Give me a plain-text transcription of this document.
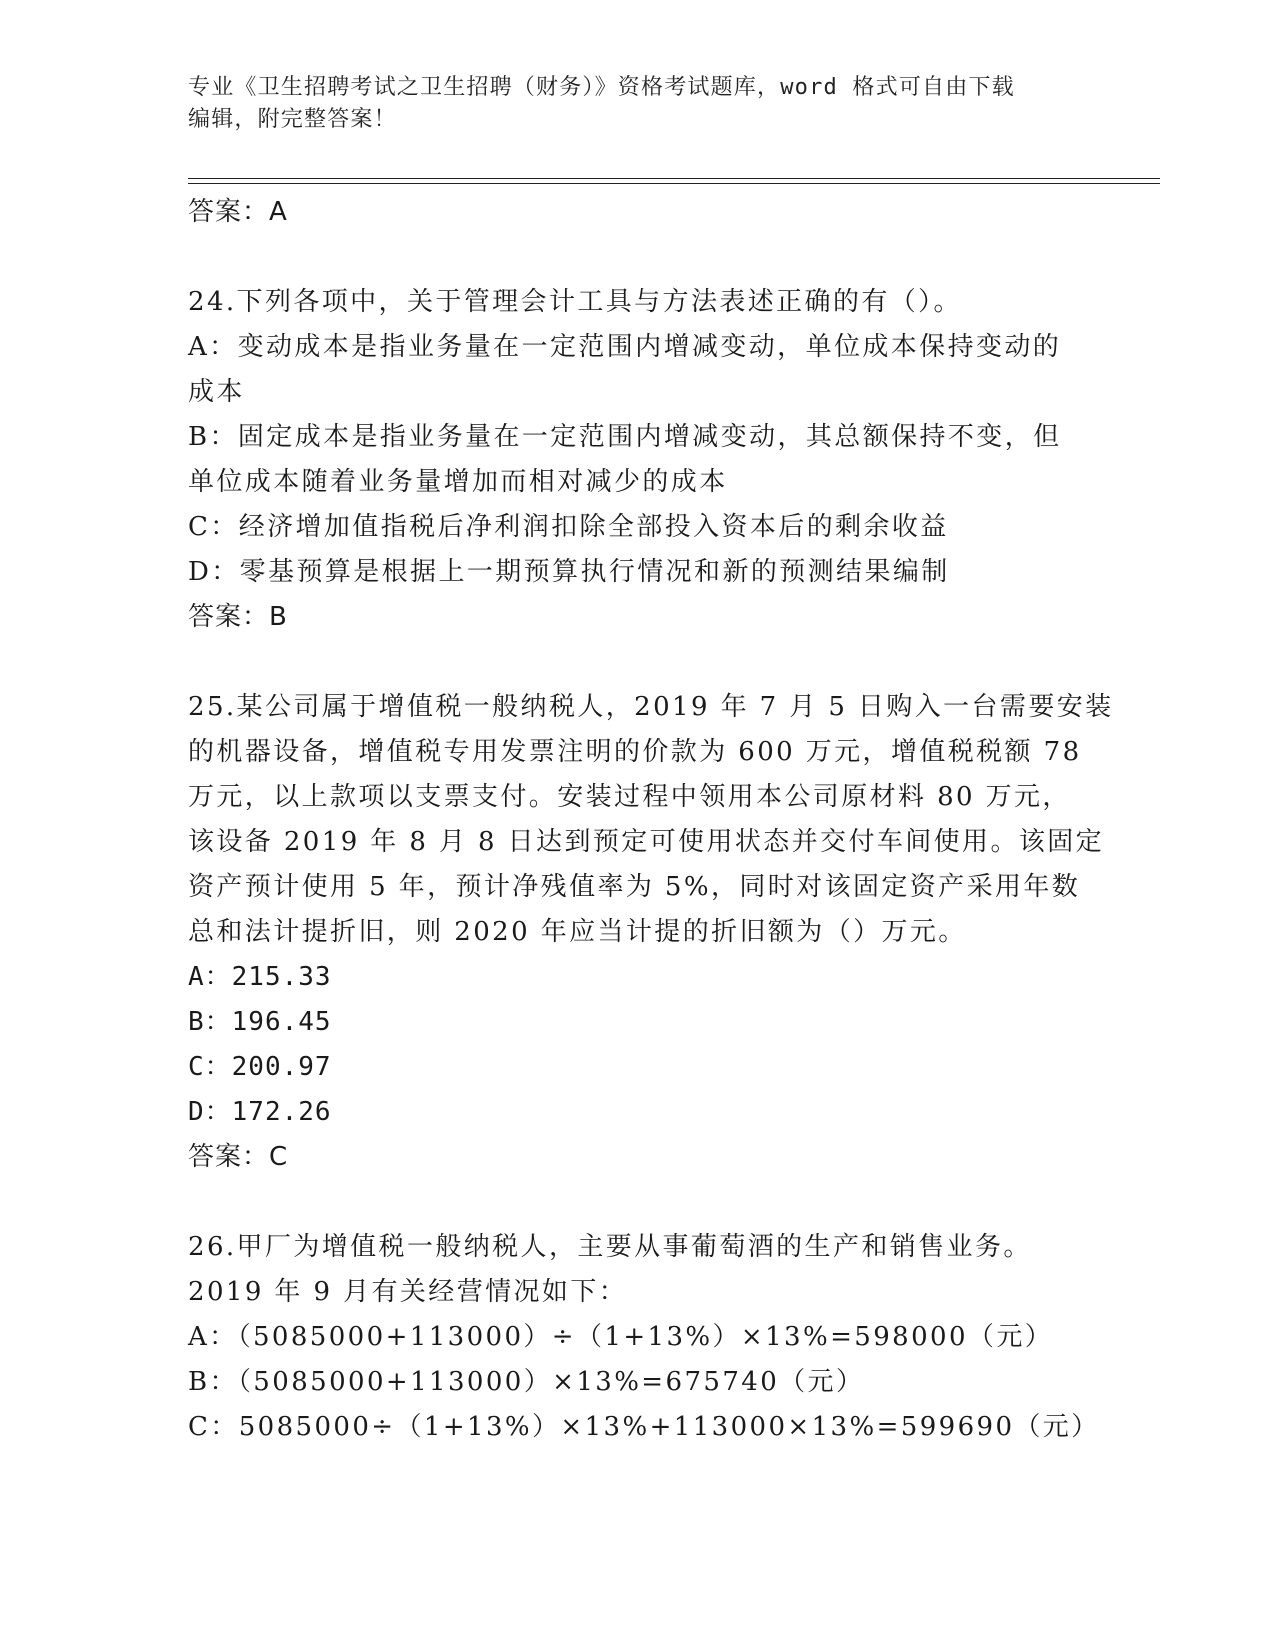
专业《卫生招聘考试之卫生招聘（财务）》资格考试题库，word 格式可自由下载
编辑，附完整答案！
答案：A
24.下列各项中，关于管理会计工具与方法表述正确的有（）。
A：变动成本是指业务量在一定范围内增减变动，单位成本保持变动的
成本
B：固定成本是指业务量在一定范围内增减变动，其总额保持不变，但
单位成本随着业务量增加而相对减少的成本
C：经济增加值指税后净利润扣除全部投入资本后的剩余收益
D：零基预算是根据上一期预算执行情况和新的预测结果编制
答案：B
25.某公司属于增值税一般纳税人，2019 年 7 月 5 日购入一台需要安装
的机器设备，增值税专用发票注明的价款为 600 万元，增值税税额 78
万元，以上款项以支票支付。安装过程中领用本公司原材料 80 万元，
该设备 2019 年 8 月 8 日达到预定可使用状态并交付车间使用。该固定
资产预计使用 5 年，预计净残值率为 5%，同时对该固定资产采用年数
总和法计提折旧，则 2020 年应当计提的折旧额为（）万元。
A：215.33
B：196.45
C：200.97
D：172.26
答案：C
26.甲厂为增值税一般纳税人，主要从事葡萄酒的生产和销售业务。
2019 年 9 月有关经营情况如下：
A：（5085000+113000）÷（1+13%）×13%=598000（元）
B：（5085000+113000）×13%=675740（元）
C：5085000÷（1+13%）×13%+113000×13%=599690（元）
